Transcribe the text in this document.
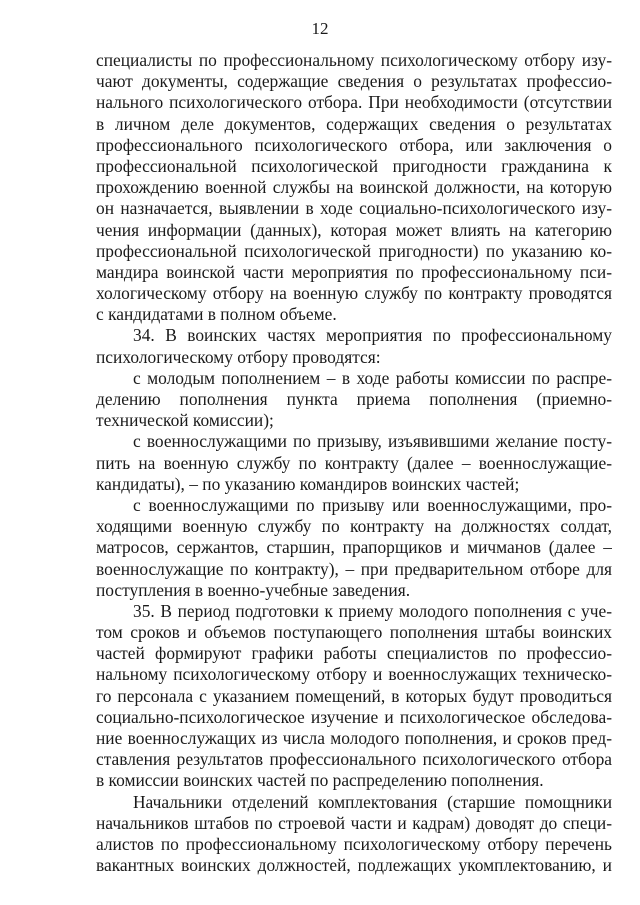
12
специалисты по профессиональному психологическому отбору изу-
чают документы, содержащие сведения о результатах профессио-
нального психологического отбора. При необходимости (отсутствии
в личном деле документов, содержащих сведения о результатах
профессионального психологического отбора, или заключения о
профессиональной психологической пригодности гражданина к
прохождению военной службы на воинской должности, на которую
он назначается, выявлении в ходе социально-психологического изу-
чения информации (данных), которая может влиять на категорию
профессиональной психологической пригодности) по указанию ко-
мандира воинской части мероприятия по профессиональному пси-
хологическому отбору на военную службу по контракту проводятся
с кандидатами в полном объеме.
34. В воинских частях мероприятия по профессиональному
психологическому отбору проводятся:
с молодым пополнением – в ходе работы комиссии по распре-
делению пополнения пункта приема пополнения (приемно-
технической комиссии);
с военнослужащими по призыву, изъявившими желание посту-
пить на военную службу по контракту (далее – военнослужащие-
кандидаты), – по указанию командиров воинских частей;
с военнослужащими по призыву или военнослужащими, про-
ходящими военную службу по контракту на должностях солдат,
матросов, сержантов, старшин, прапорщиков и мичманов (далее –
военнослужащие по контракту), – при предварительном отборе для
поступления в военно-учебные заведения.
35. В период подготовки к приему молодого пополнения с уче-
том сроков и объемов поступающего пополнения штабы воинских
частей формируют графики работы специалистов по профессио-
нальному психологическому отбору и военнослужащих техническо-
го персонала с указанием помещений, в которых будут проводиться
социально-психологическое изучение и психологическое обследова-
ние военнослужащих из числа молодого пополнения, и сроков пред-
ставления результатов профессионального психологического отбора
в комиссии воинских частей по распределению пополнения.
Начальники отделений комплектования (старшие помощники
начальников штабов по строевой части и кадрам) доводят до специ-
алистов по профессиональному психологическому отбору перечень
вакантных воинских должностей, подлежащих укомплектованию, и
